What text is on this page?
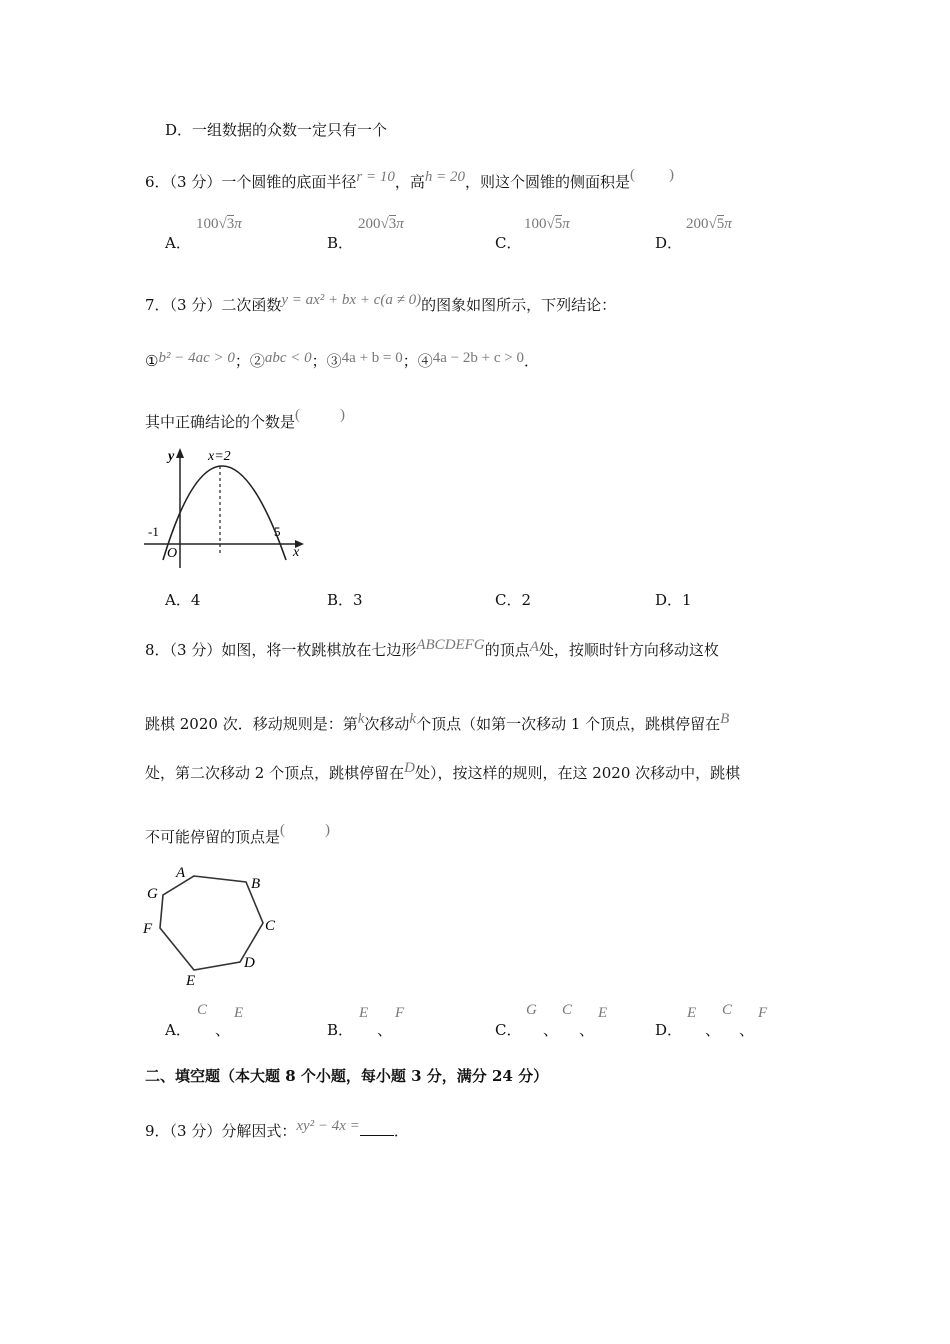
D．一组数据的众数一定只有一个
6．（3 分）一个圆锥的底面半径r = 10，高h = 20，则这个圆锥的侧面积是( )
A．
100√3π
B．
200√3π
C．
100√5π
D．
200√5π
7．（3 分）二次函数y = ax² + bx + c(a ≠ 0)的图象如图所示，下列结论：
①b² − 4ac > 0；②abc < 0；③4a + b = 0；④4a − 2b + c > 0．
其中正确结论的个数是(	)
y
x
x=2
-1	5
O
A．4	B．3	C．2	D．1
8．（3 分）如图，将一枚跳棋放在七边形ABCDEFG的顶点A处，按顺时针方向移动这枚
跳棋 2020 次．移动规则是：第k次移动k个顶点（如第一次移动 1 个顶点，跳棋停留在B
处，第二次移动 2 个顶点，跳棋停留在D处），按这样的规则，在这 2020 次移动中，跳棋
不可能停留的顶点是(	)
A
B
C
D
E
F
G
A．
C
、
E
B．
E
、
F
C．
G
、
C
、
E
D．
E
、
C
、
F
二、填空题（本大题 8 个小题，每小题 3 分，满分 24 分）
9．（3 分）分解因式：xy² − 4x = ．
